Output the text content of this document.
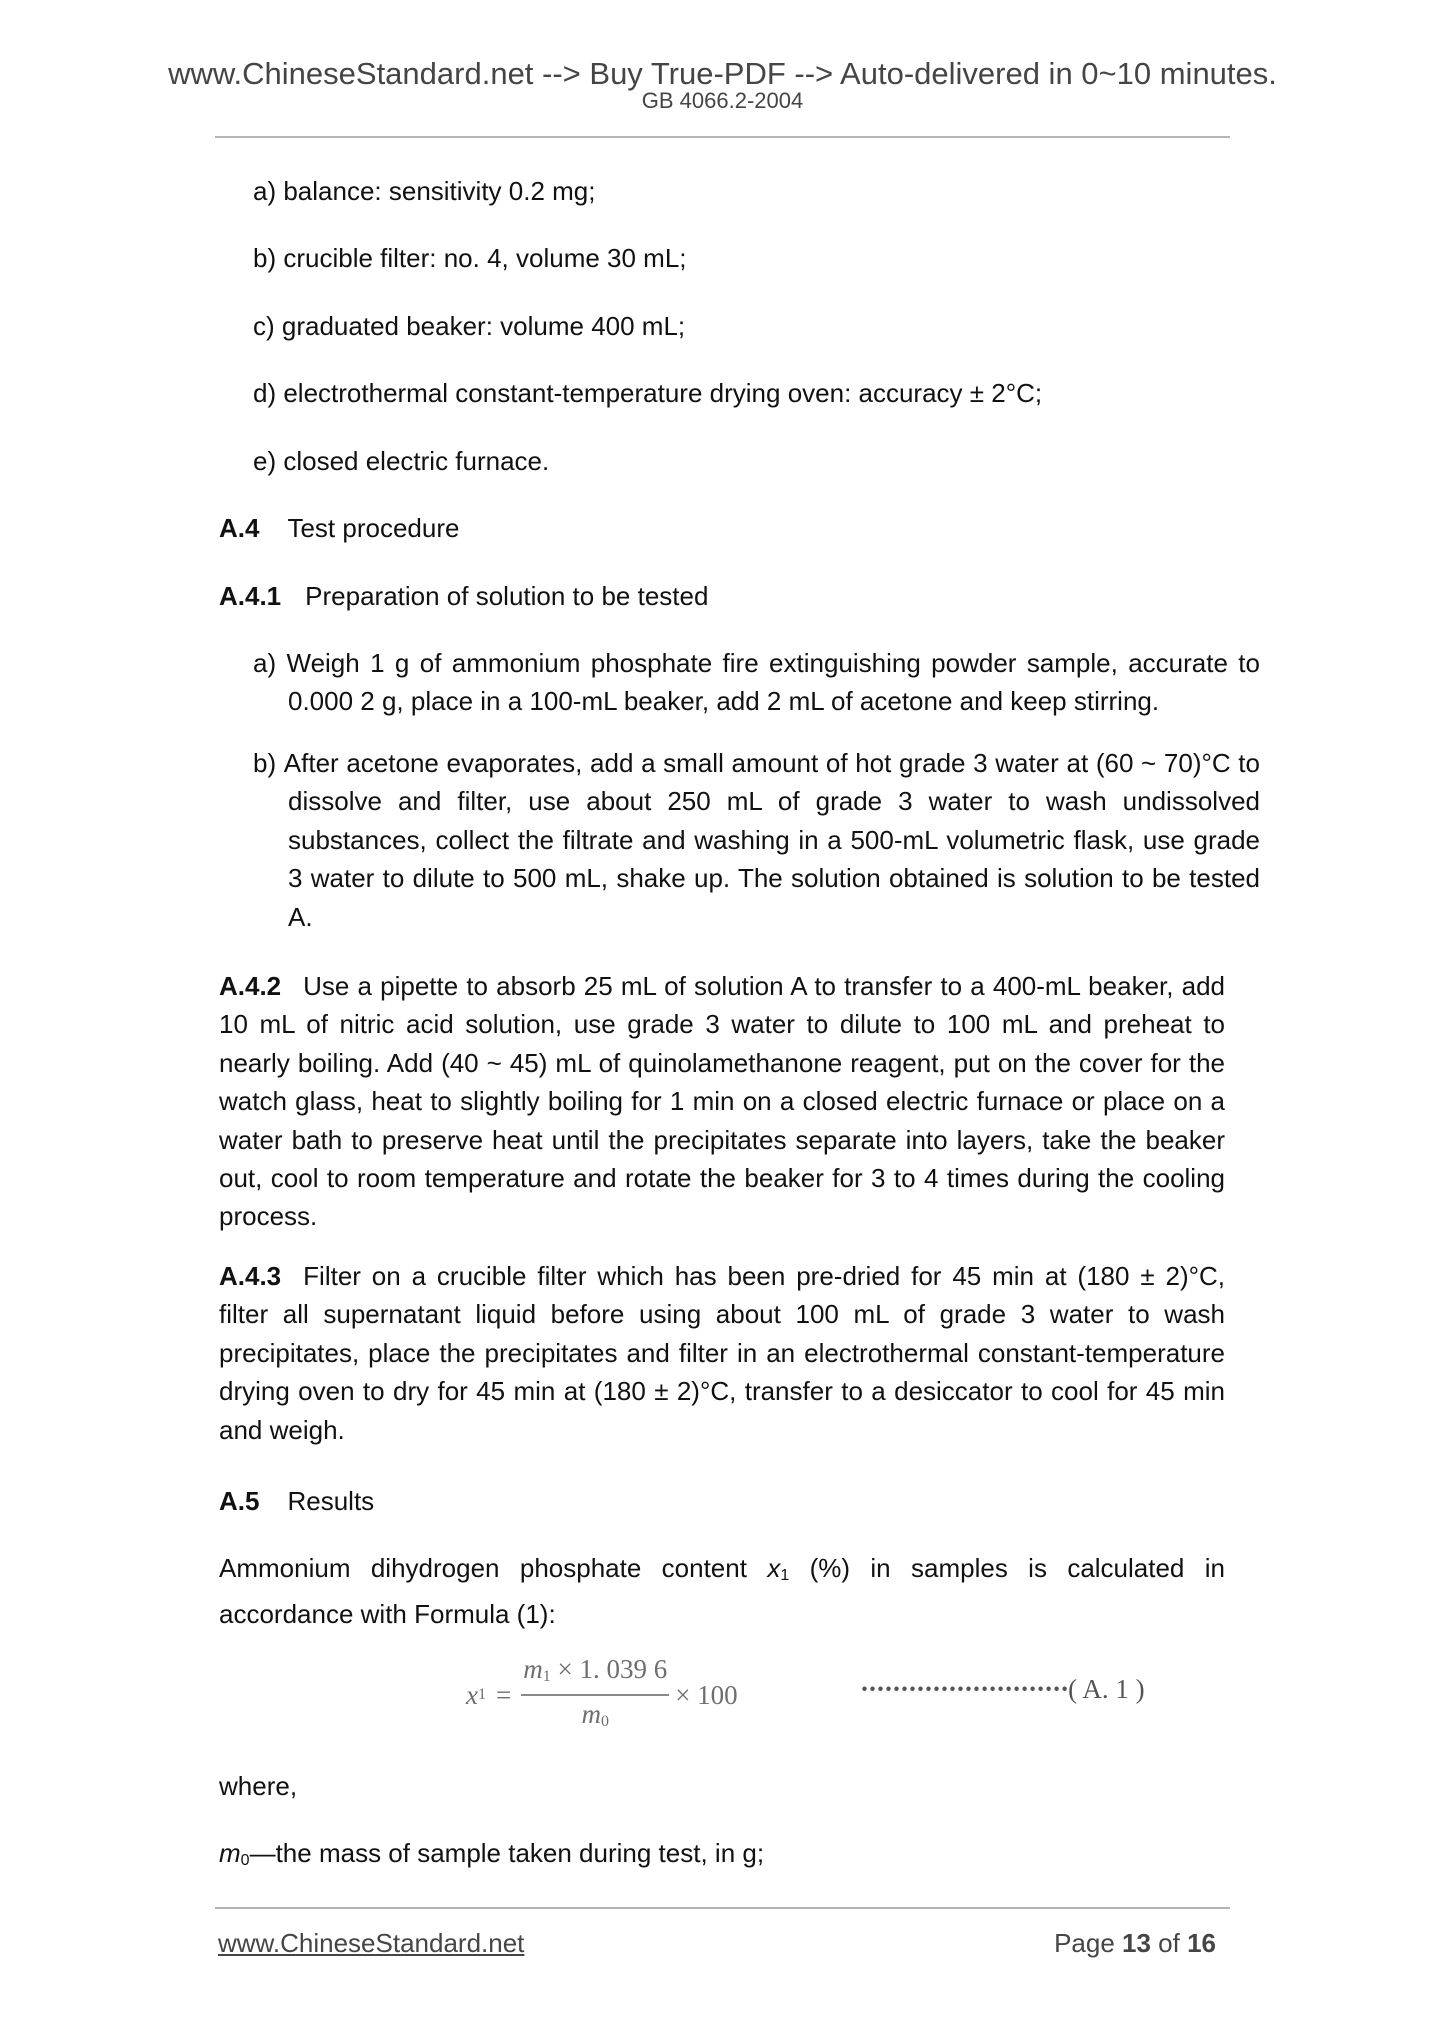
www.ChineseStandard.net --> Buy True-PDF --> Auto-delivered in 0~10 minutes.
GB 4066.2-2004
a) balance: sensitivity 0.2 mg;
b) crucible filter: no. 4, volume 30 mL;
c) graduated beaker: volume 400 mL;
d) electrothermal constant-temperature drying oven: accuracy ± 2°C;
e) closed electric furnace.
A.4 Test procedure
A.4.1 Preparation of solution to be tested
a) Weigh 1 g of ammonium phosphate fire extinguishing powder sample, accurate to 0.000 2 g, place in a 100-mL beaker, add 2 mL of acetone and keep stirring.
b) After acetone evaporates, add a small amount of hot grade 3 water at (60 ~ 70)°C to dissolve and filter, use about 250 mL of grade 3 water to wash undissolved substances, collect the filtrate and washing in a 500-mL volumetric flask, use grade 3 water to dilute to 500 mL, shake up. The solution obtained is solution to be tested A.
A.4.2 Use a pipette to absorb 25 mL of solution A to transfer to a 400-mL beaker, add 10 mL of nitric acid solution, use grade 3 water to dilute to 100 mL and preheat to nearly boiling. Add (40 ~ 45) mL of quinolamethanone reagent, put on the cover for the watch glass, heat to slightly boiling for 1 min on a closed electric furnace or place on a water bath to preserve heat until the precipitates separate into layers, take the beaker out, cool to room temperature and rotate the beaker for 3 to 4 times during the cooling process.
A.4.3 Filter on a crucible filter which has been pre-dried for 45 min at (180 ± 2)°C, filter all supernatant liquid before using about 100 mL of grade 3 water to wash precipitates, place the precipitates and filter in an electrothermal constant-temperature drying oven to dry for 45 min at (180 ± 2)°C, transfer to a desiccator to cool for 45 min and weigh.
A.5 Results
Ammonium dihydrogen phosphate content x1 (%) in samples is calculated in accordance with Formula (1):
x $1 = \frac{m1 \times 1. 039 6}{m0} \times 100$	··························( A. 1 )
where,
m0—the mass of sample taken during test, in g;
www.ChineseStandard.net	Page 13 of 16
